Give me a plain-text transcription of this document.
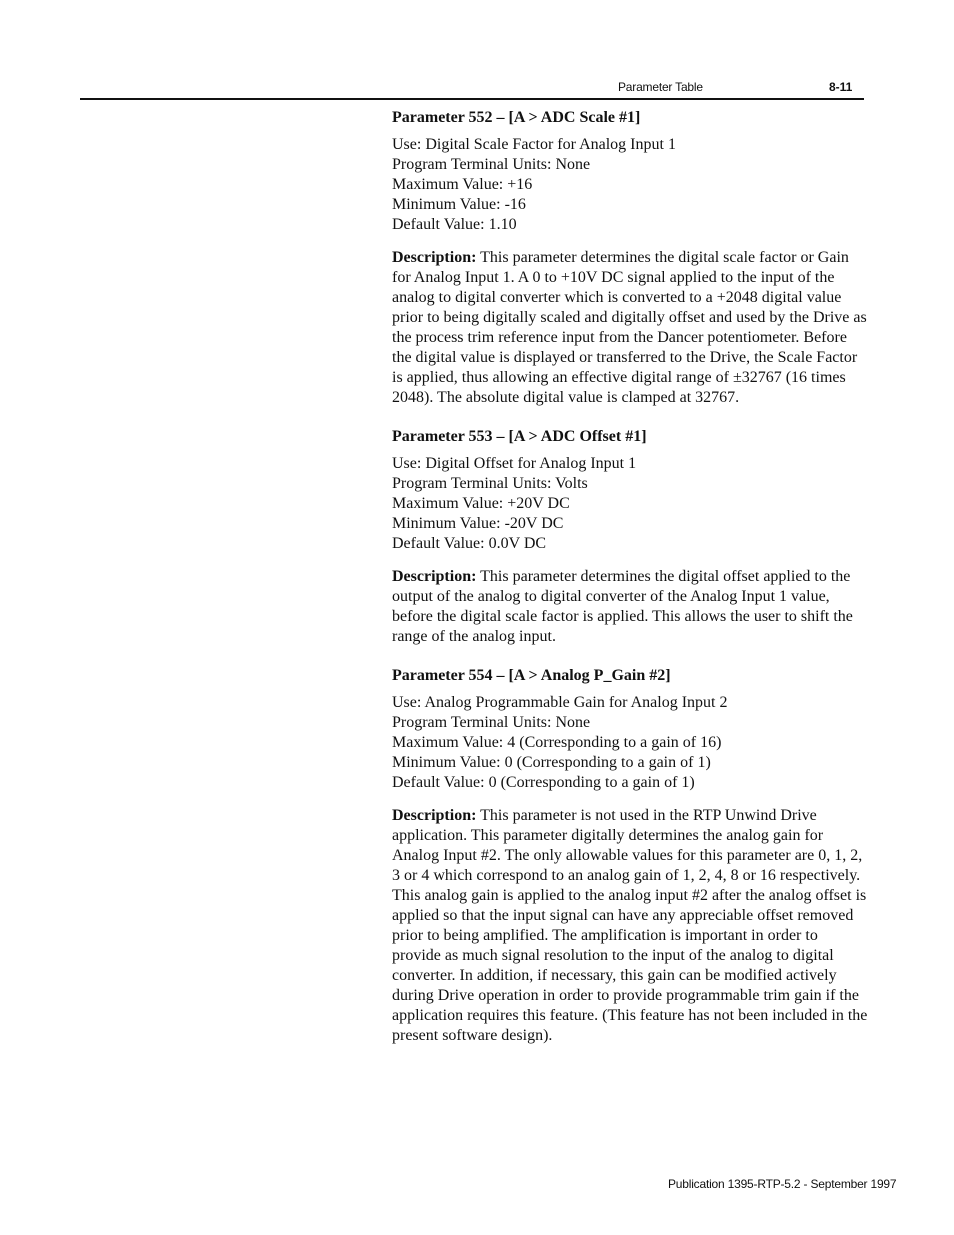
Parameter Table	8-11
Parameter 552 – [A > ADC Scale #1]
Use: Digital Scale Factor for Analog Input 1
Program Terminal Units: None
Maximum Value: +16
Minimum Value: -16
Default Value: 1.10

Description: This parameter determines the digital scale factor or Gain for Analog Input 1. A 0 to +10V DC signal applied to the input of the analog to digital converter which is converted to a +2048 digital value prior to being digitally scaled and digitally offset and used by the Drive as the process trim reference input from the Dancer potentiometer. Before the digital value is displayed or transferred to the Drive, the Scale Factor is applied, thus allowing an effective digital range of ±32767 (16 times 2048). The absolute digital value is clamped at 32767.

Parameter 553 – [A > ADC Offset #1]
Use: Digital Offset for Analog Input 1
Program Terminal Units: Volts
Maximum Value: +20V DC
Minimum Value: -20V DC
Default Value: 0.0V DC

Description: This parameter determines the digital offset applied to the output of the analog to digital converter of the Analog Input 1 value, before the digital scale factor is applied. This allows the user to shift the range of the analog input.

Parameter 554 – [A > Analog P_Gain #2]
Use: Analog Programmable Gain for Analog Input 2
Program Terminal Units: None
Maximum Value: 4 (Corresponding to a gain of 16)
Minimum Value: 0 (Corresponding to a gain of 1)
Default Value: 0 (Corresponding to a gain of 1)

Description: This parameter is not used in the RTP Unwind Drive application. This parameter digitally determines the analog gain for Analog Input #2. The only allowable values for this parameter are 0, 1, 2, 3 or 4 which correspond to an analog gain of 1, 2, 4, 8 or 16 respectively. This analog gain is applied to the analog input #2 after the analog offset is applied so that the input signal can have any appreciable offset removed prior to being amplified. The amplification is important in order to provide as much signal resolution to the input of the analog to digital converter. In addition, if necessary, this gain can be modified actively during Drive operation in order to provide programmable trim gain if the application requires this feature. (This feature has not been included in the present software design).

Publication 1395-RTP-5.2 - September 1997
